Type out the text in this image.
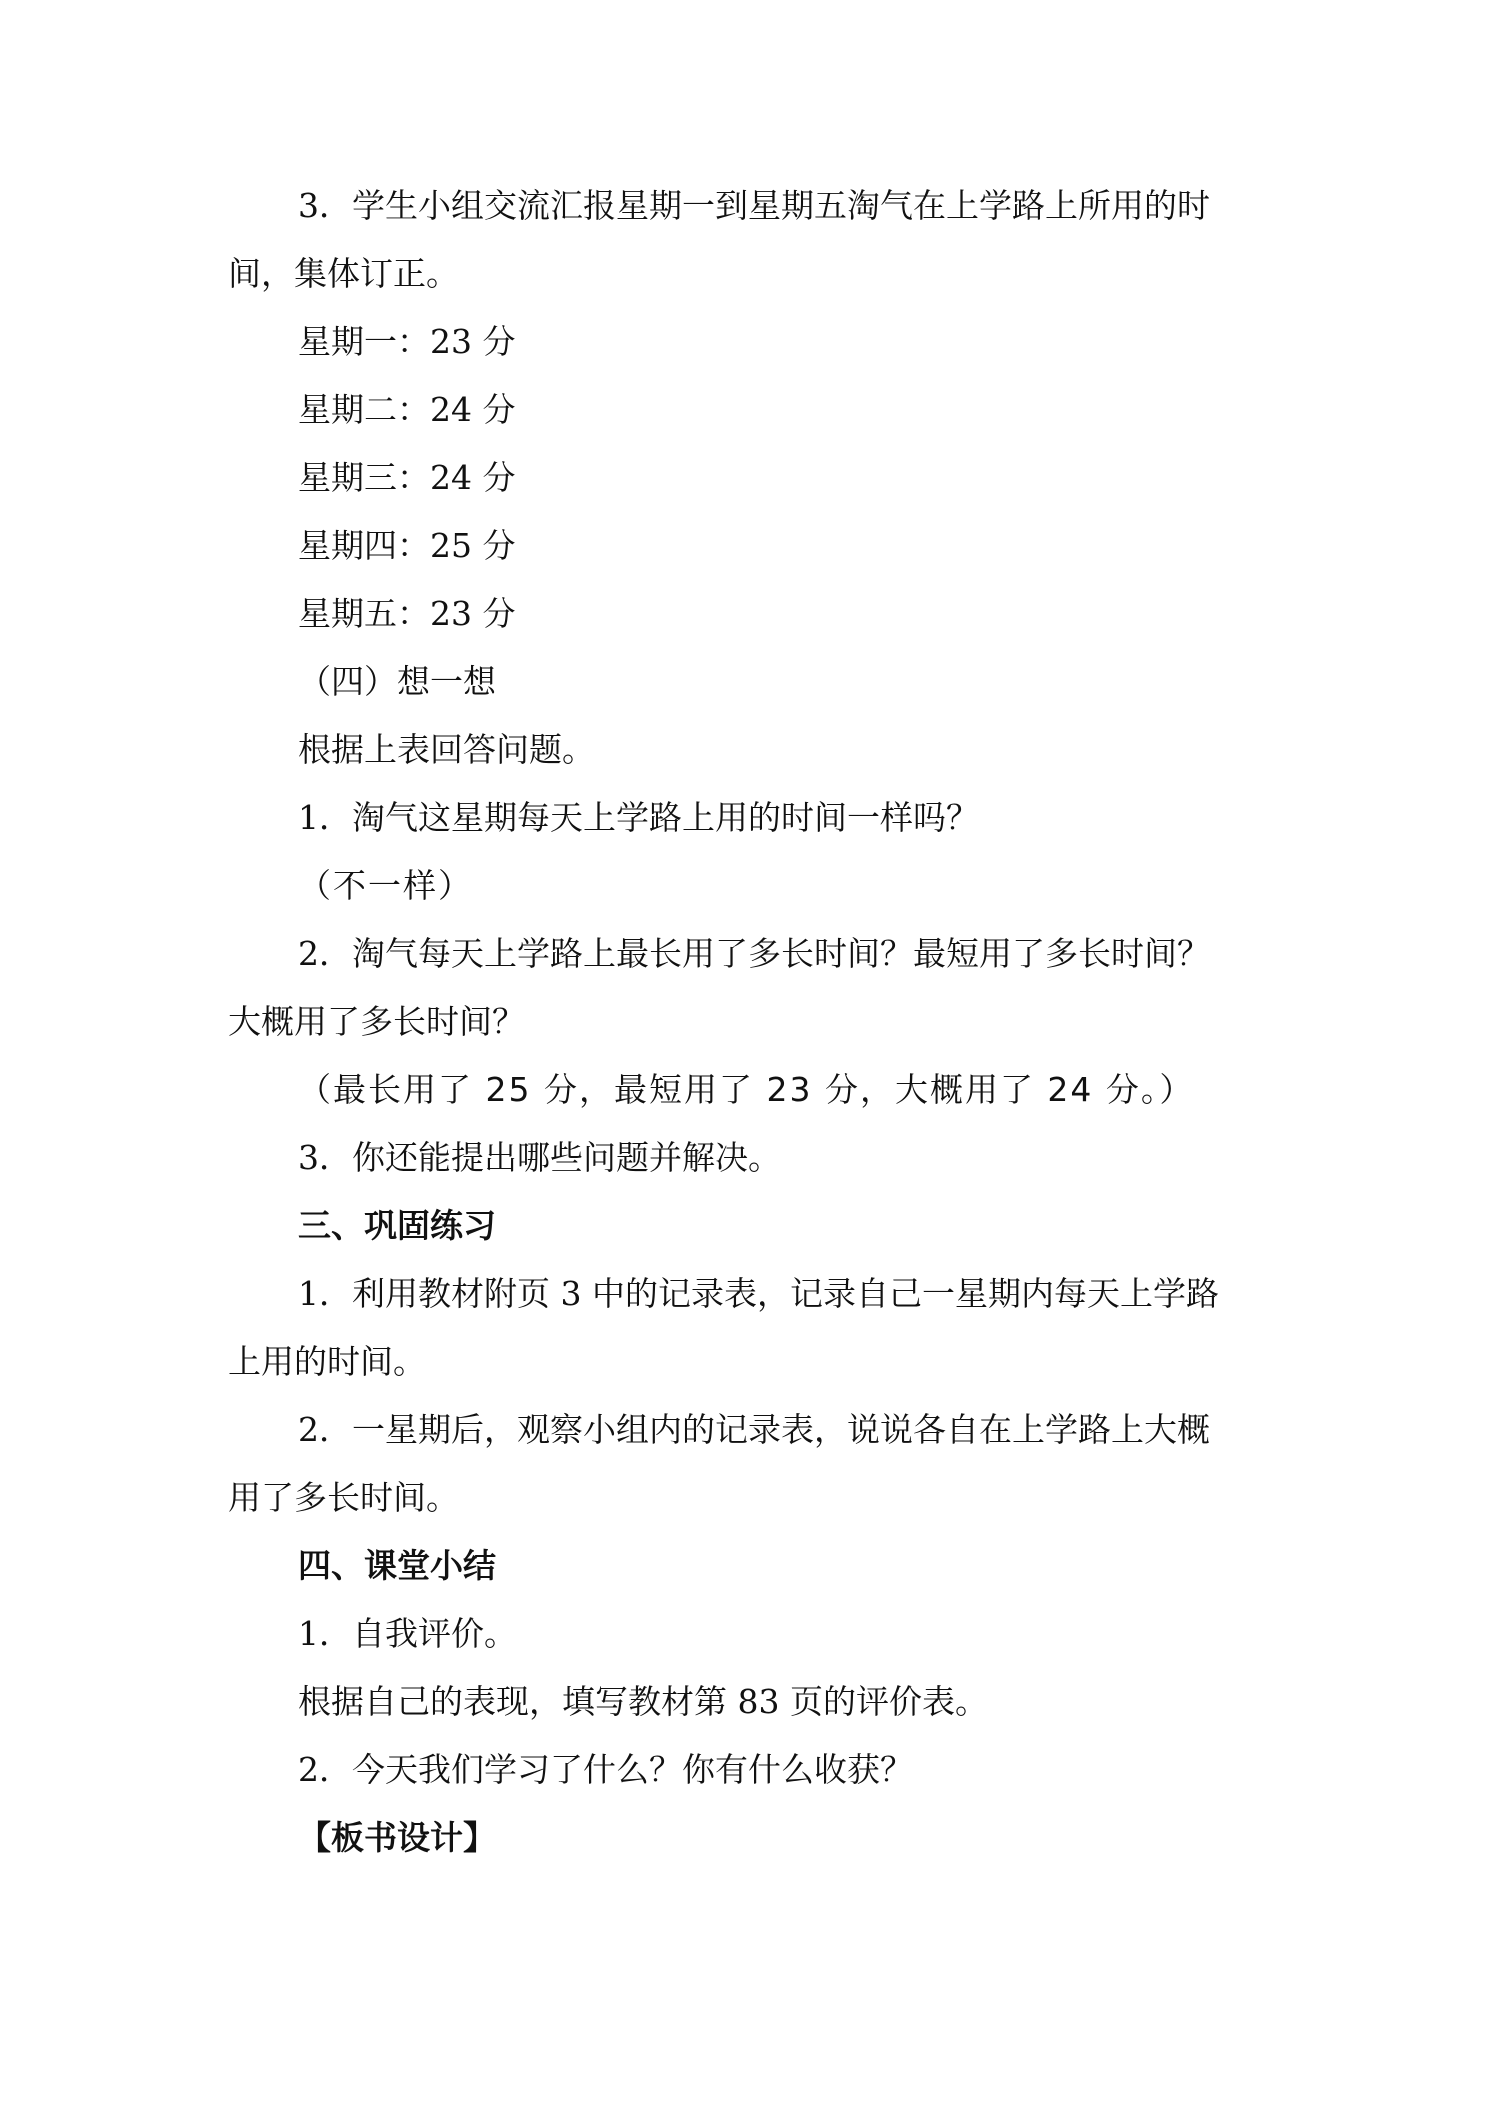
3．学生小组交流汇报星期一到星期五淘气在上学路上所用的时
间，集体订正。
星期一：23 分
星期二：24 分
星期三：24 分
星期四：25 分
星期五：23 分
（四）想一想
根据上表回答问题。
1．淘气这星期每天上学路上用的时间一样吗？
（不一样）
2．淘气每天上学路上最长用了多长时间？最短用了多长时间？
大概用了多长时间？
（最长用了 25 分，最短用了 23 分，大概用了 24 分。）
3．你还能提出哪些问题并解决。
三、巩固练习
1．利用教材附页 3 中的记录表，记录自己一星期内每天上学路
上用的时间。
2．一星期后，观察小组内的记录表，说说各自在上学路上大概
用了多长时间。
四、课堂小结
1．自我评价。
根据自己的表现，填写教材第 83 页的评价表。
2．今天我们学习了什么？你有什么收获？
【板书设计】
